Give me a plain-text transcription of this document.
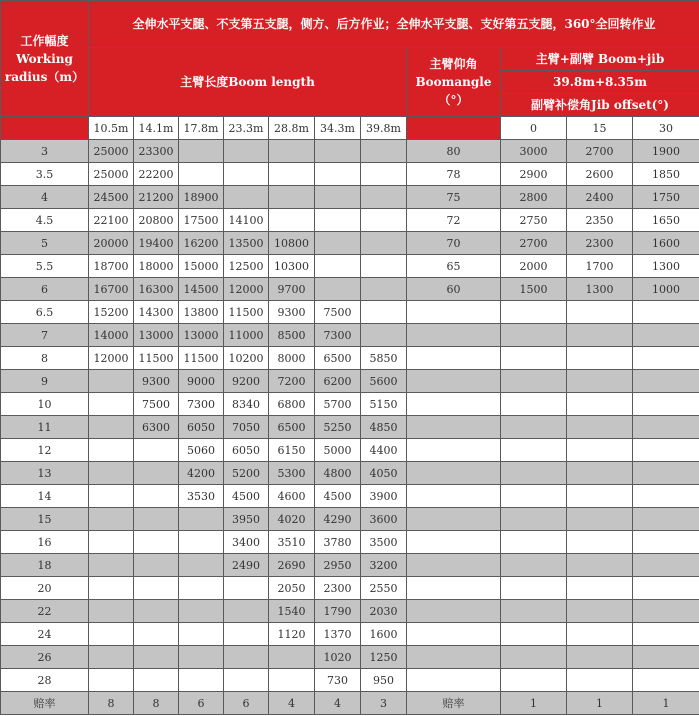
工作幅度 Working radius（m）	全伸水平支腿、不支第五支腿，侧方、后方作业；全伸水平支腿、支好第五支腿，360°全回转作业										
	主臂长度Boom length							主臂仰角 Boomangle（°）	主臂+副臂 Boom+jib		
									39.8m+8.35m		
									副臂补偿角Jib offset(°)		
	10.5m	14.1m	17.8m	23.3m	28.8m	34.3m	39.8m		0	15	30
3	25000	23300						80	3000	2700	1900
3.5	25000	22200						78	2900	2600	1850
4	24500	21200	18900					75	2800	2400	1750
4.5	22100	20800	17500	14100				72	2750	2350	1650
5	20000	19400	16200	13500	10800			70	2700	2300	1600
5.5	18700	18000	15000	12500	10300			65	2000	1700	1300
6	16700	16300	14500	12000	9700			60	1500	1300	1000
6.5	15200	14300	13800	11500	9300	7500					
7	14000	13000	13000	11000	8500	7300					
8	12000	11500	11500	10200	8000	6500	5850				
9		9300	9000	9200	7200	6200	5600				
10		7500	7300	8340	6800	5700	5150				
11		6300	6050	7050	6500	5250	4850				
12			5060	6050	6150	5000	4400				
13			4200	5200	5300	4800	4050				
14			3530	4500	4600	4500	3900				
15				3950	4020	4290	3600				
16				3400	3510	3780	3500				
18				2490	2690	2950	3200				
20					2050	2300	2550				
22					1540	1790	2030				
24					1120	1370	1600				
26						1020	1250				
28						730	950				
赔率	8	8	6	6	4	4	3	赔率	1	1	1
